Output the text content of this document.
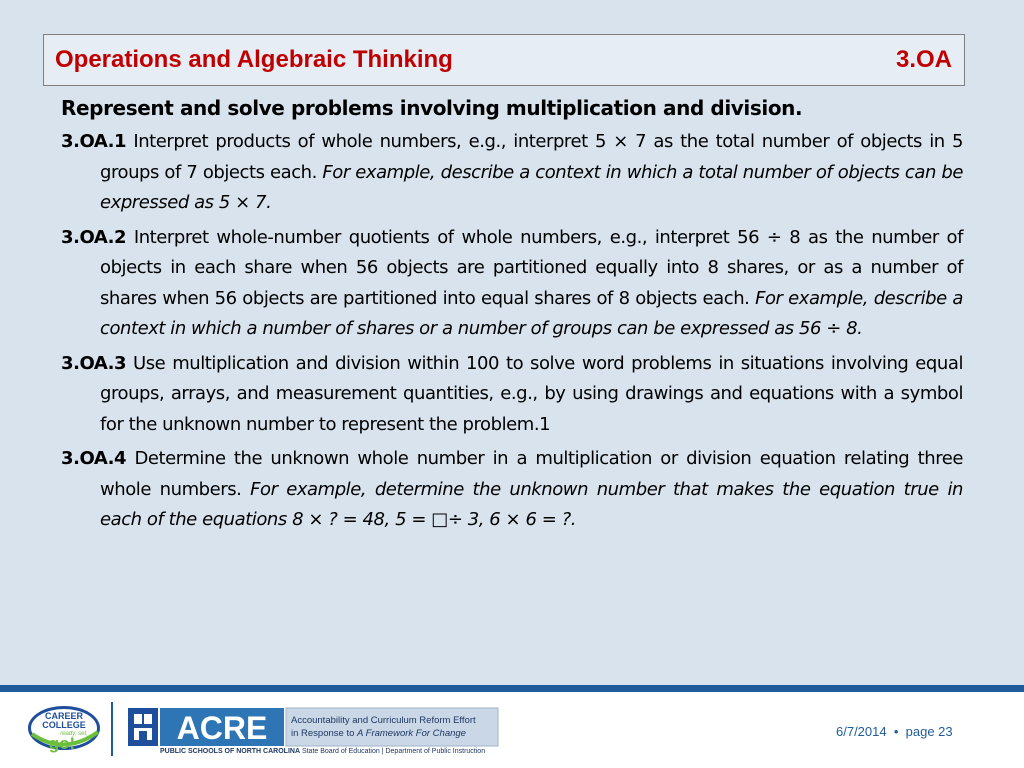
Operations and Algebraic Thinking	3.OA
Represent and solve problems involving multiplication and division.

3.OA.1 Interpret products of whole numbers, e.g., interpret 5 × 7 as the total number of objects in 5 groups of 7 objects each. For example, describe a context in which a total number of objects can be expressed as 5 × 7.

3.OA.2 Interpret whole-number quotients of whole numbers, e.g., interpret 56 ÷ 8 as the number of objects in each share when 56 objects are partitioned equally into 8 shares, or as a number of shares when 56 objects are partitioned into equal shares of 8 objects each. For example, describe a context in which a number of shares or a number of groups can be expressed as 56 ÷ 8.

3.OA.3 Use multiplication and division within 100 to solve word problems in situations involving equal groups, arrays, and measurement quantities, e.g., by using drawings and equations with a symbol for the unknown number to represent the problem.1

3.OA.4 Determine the unknown whole number in a multiplication or division equation relating three whole numbers. For example, determine the unknown number that makes the equation true in each of the equations 8 × ? = 48, 5 = □÷ 3, 6 × 6 = ?.

CAREER
COLLEGE
ready, set,
go!	ACRE Accountability and Curriculum Reform Effort
in Response to A Framework For Change
PUBLIC SCHOOLS OF NORTH CAROLINA State Board of Education | Department of Public Instruction
6/7/2014 • page 23
